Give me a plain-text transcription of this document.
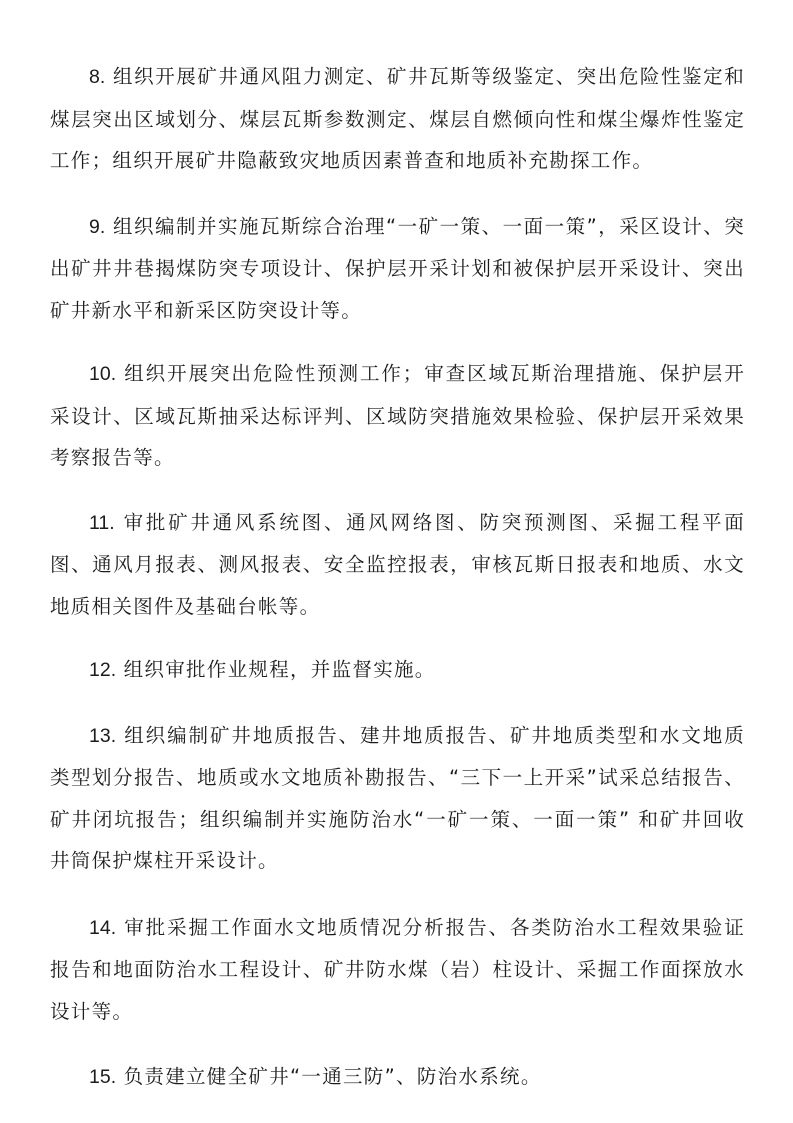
8. 组织开展矿井通风阻力测定、矿井瓦斯等级鉴定、突出危险性鉴定和煤层突出区域划分、煤层瓦斯参数测定、煤层自燃倾向性和煤尘爆炸性鉴定工作；组织开展矿井隐蔽致灾地质因素普查和地质补充勘探工作。

9. 组织编制并实施瓦斯综合治理“一矿一策、一面一策”，采区设计、突出矿井井巷揭煤防突专项设计、保护层开采计划和被保护层开采设计、突出矿井新水平和新采区防突设计等。

10. 组织开展突出危险性预测工作；审查区域瓦斯治理措施、保护层开采设计、区域瓦斯抽采达标评判、区域防突措施效果检验、保护层开采效果考察报告等。

11. 审批矿井通风系统图、通风网络图、防突预测图、采掘工程平面图、通风月报表、测风报表、安全监控报表，审核瓦斯日报表和地质、水文地质相关图件及基础台帐等。

12. 组织审批作业规程，并监督实施。

13. 组织编制矿井地质报告、建井地质报告、矿井地质类型和水文地质类型划分报告、地质或水文地质补勘报告、“三下一上开采”试采总结报告、矿井闭坑报告；组织编制并实施防治水“一矿一策、一面一策” 和矿井回收井筒保护煤柱开采设计。

14. 审批采掘工作面水文地质情况分析报告、各类防治水工程效果验证报告和地面防治水工程设计、矿井防水煤（岩）柱设计、采掘工作面探放水设计等。

15. 负责建立健全矿井“一通三防”、防治水系统。
